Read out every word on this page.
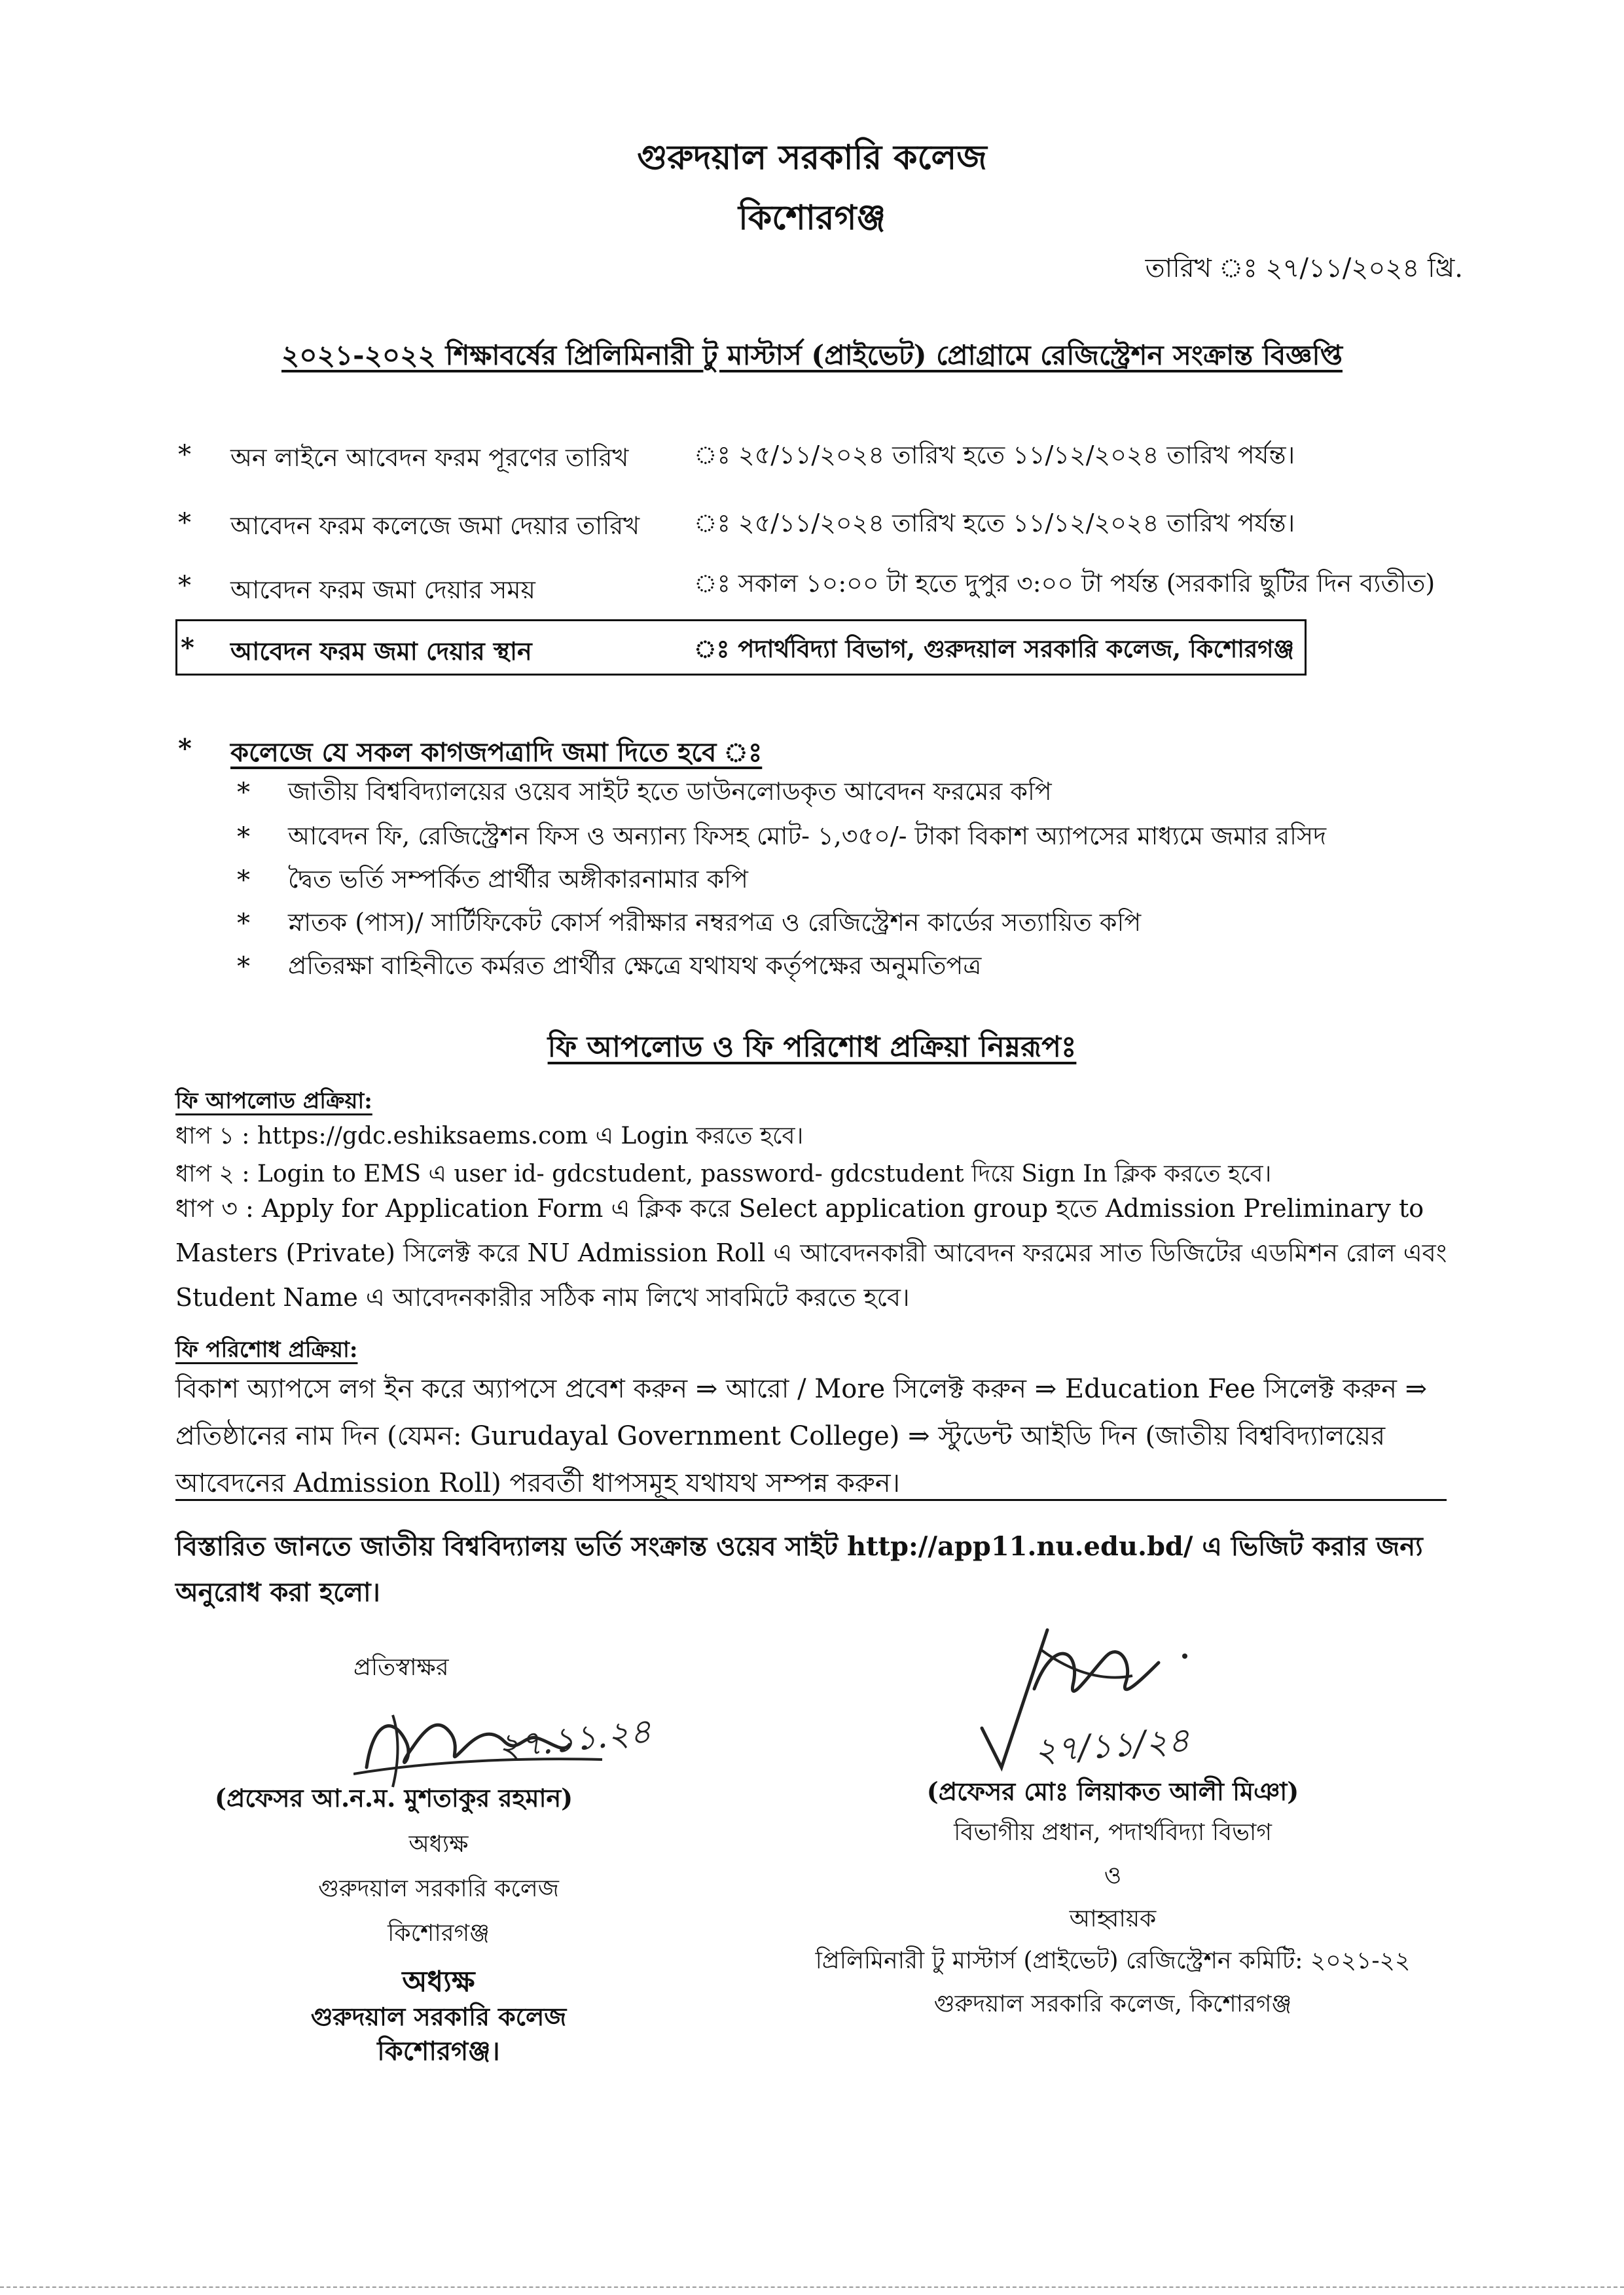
গুরুদয়াল সরকারি কলেজ
কিশোরগঞ্জ
তারিখ ঃ ২৭/১১/২০২৪ খ্রি.
২০২১-২০২২ শিক্ষাবর্ষের প্রিলিমিনারী টু মাস্টার্স (প্রাইভেট) প্রোগ্রামে রেজিস্ট্রেশন সংক্রান্ত বিজ্ঞপ্তি
* অন লাইনে আবেদন ফরম পূরণের তারিখ	ঃ ২৫/১১/২০২৪ তারিখ হতে ১১/১২/২০২৪ তারিখ পর্যন্ত।
* আবেদন ফরম কলেজে জমা দেয়ার তারিখ ঃ ২৫/১১/২০২৪ তারিখ হতে ১১/১২/২০২৪ তারিখ পর্যন্ত।
* আবেদন ফরম জমা দেয়ার সময়	ঃ সকাল ১০:০০ টা হতে দুপুর ৩:০০ টা পর্যন্ত (সরকারি ছুটির দিন ব্যতীত)
* আবেদন ফরম জমা দেয়ার স্থান	ঃ পদার্থবিদ্যা বিভাগ, গুরুদয়াল সরকারি কলেজ, কিশোরগঞ্জ
* কলেজে যে সকল কাগজপত্রাদি জমা দিতে হবে ঃ
* জাতীয় বিশ্ববিদ্যালয়ের ওয়েব সাইট হতে ডাউনলোডকৃত আবেদন ফরমের কপি
* আবেদন ফি, রেজিস্ট্রেশন ফিস ও অন্যান্য ফিসহ মোট- ১,৩৫০/- টাকা বিকাশ অ্যাপসের মাধ্যমে জমার রসিদ
* দ্বৈত ভর্তি সম্পর্কিত প্রার্থীর অঙ্গীকারনামার কপি
* স্নাতক (পাস)/ সার্টিফিকেট কোর্স পরীক্ষার নম্বরপত্র ও রেজিস্ট্রেশন কার্ডের সত্যায়িত কপি
* প্রতিরক্ষা বাহিনীতে কর্মরত প্রার্থীর ক্ষেত্রে যথাযথ কর্তৃপক্ষের অনুমতিপত্র
ফি আপলোড ও ফি পরিশোধ প্রক্রিয়া নিম্নরূপঃ
ফি আপলোড প্রক্রিয়া:
ধাপ ১ : https://gdc.eshiksaems.com এ Login করতে হবে।
ধাপ ২ : Login to EMS এ user id- gdcstudent, password- gdcstudent দিয়ে Sign In ক্লিক করতে হবে।
ধাপ ৩ : Apply for Application Form এ ক্লিক করে Select application group হতে Admission Preliminary to Masters (Private) সিলেক্ট করে NU Admission Roll এ আবেদনকারী আবেদন ফরমের সাত ডিজিটের এডমিশন রোল এবং Student Name এ আবেদনকারীর সঠিক নাম লিখে সাবমিটে করতে হবে।
ফি পরিশোধ প্রক্রিয়া:
বিকাশ অ্যাপসে লগ ইন করে অ্যাপসে প্রবেশ করুন ⇒ আরো / More সিলেক্ট করুন ⇒ Education Fee সিলেক্ট করুন ⇒ প্রতিষ্ঠানের নাম দিন (যেমন: Gurudayal Government College) ⇒ স্টুডেন্ট আইডি দিন (জাতীয় বিশ্ববিদ্যালয়ের আবেদনের Admission Roll) পরবর্তী ধাপসমূহ যথাযথ সম্পন্ন করুন।
বিস্তারিত জানতে জাতীয় বিশ্ববিদ্যালয় ভর্তি সংক্রান্ত ওয়েব সাইট http://app11.nu.edu.bd/ এ ভিজিট করার জন্য অনুরোধ করা হলো।
প্রতিস্বাক্ষর
২৭.১১.২৪
(প্রফেসর আ.ন.ম. মুশতাকুর রহমান)
অধ্যক্ষ
গুরুদয়াল সরকারি কলেজ
কিশোরগঞ্জ
অধ্যক্ষ
গুরুদয়াল সরকারি কলেজ
কিশোরগঞ্জ।
২৭/১১/২৪
(প্রফেসর মোঃ লিয়াকত আলী মিঞা)
বিভাগীয় প্রধান, পদার্থবিদ্যা বিভাগ
ও
আহ্বায়ক
প্রিলিমিনারী টু মাস্টার্স (প্রাইভেট) রেজিস্ট্রেশন কমিটি: ২০২১-২২
গুরুদয়াল সরকারি কলেজ, কিশোরগঞ্জ
